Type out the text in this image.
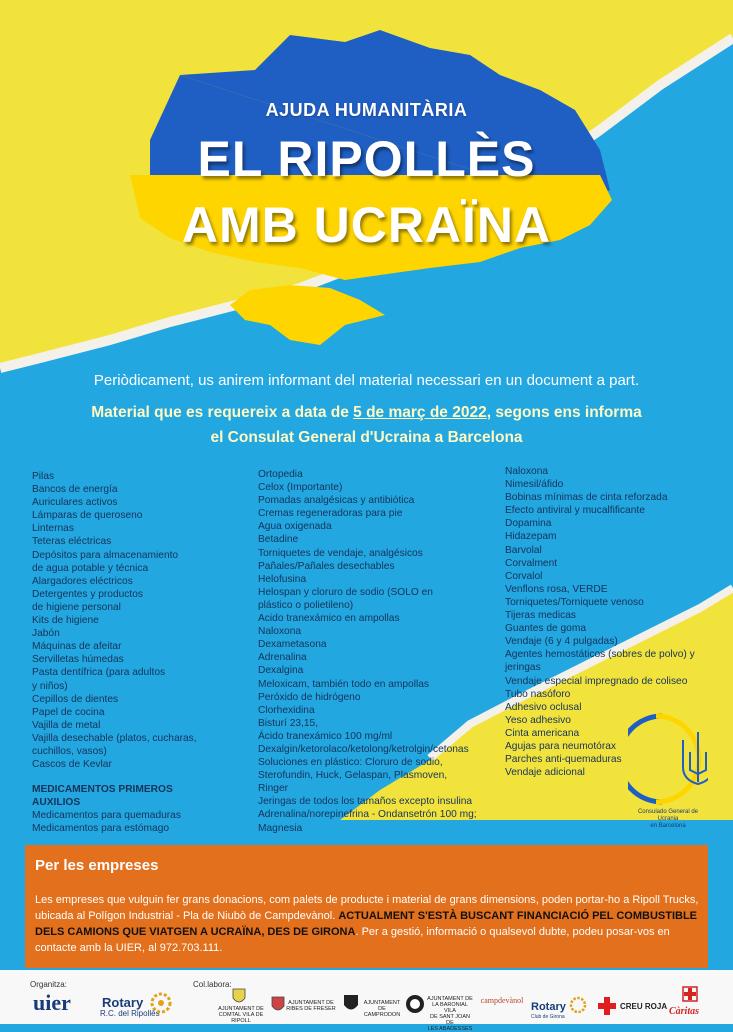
AJUDA HUMANITÀRIA
EL RIPOLLÈS
AMB UCRAÏNA
Periòdicament, us anirem informant del material necessari en un document a part.
Material que es requereix a data de 5 de març de 2022, segons ens informa
el Consulat General d'Ucraina a Barcelona
Pilas
Bancos de energía
Auriculares activos
Lámparas de queroseno
Linternas
Teteras eléctricas
Depósitos para almacenamiento
de agua potable y técnica
Alargadores eléctricos
Detergentes y productos
de higiene personal
Kits de higiene
Jabón
Máquinas de afeitar
Servilletas húmedas
Pasta dentífrica (para adultos
y niños)
Cepillos de dientes
Papel de cocina
Vajilla de metal
Vajilla desechable (platos, cucharas,
cuchillos, vasos)
Cascos de Kevlar
MEDICAMENTOS PRIMEROS AUXILIOS
Medicamentos para quemaduras
Medicamentos para estómago
Ortopedia
Celox (Importante)
Pomadas analgésicas y antibiótica
Cremas regeneradoras para pie
Agua oxigenada
Betadine
Torniquetes de vendaje, analgésicos
Pañales/Pañales desechables
Helofusina
Helospan y cloruro de sodio (SOLO en
plástico o polietileno)
Acido tranexámico en ampollas
Naloxona
Dexametasona
Adrenalina
Dexalgina
Meloxicam, también todo en ampollas
Peróxido de hidrógeno
Clorhexidina
Bisturí 23,15,
Ácido tranexámico 100 mg/ml
Dexalgin/ketorolaco/ketolong/ketrolgin/cetonas
Soluciones en plástico: Cloruro de sodio,
Sterofundin, Huck, Gelaspan, Plasmoven, Ringer
Jeringas de todos los tamaños excepto insulina
Adrenalina/norepinefrina - Ondansetrón 100 mg;
Magnesia
Naloxona
Nimesil/áfido
Bobinas mínimas de cinta reforzada
Efecto antiviral y mucalfificante
Dopamina
Hidazepam
Barvolal
Corvalment
Corvalol
Venflons rosa, VERDE
Torniquetes/Torniquete venoso
Tijeras medicas
Guantes de goma
Vendaje (6 y 4 pulgadas)
Agentes hemostáticos (sobres de polvo) y
jeringas
Vendaje especial impregnado de coliseo
Tubo nasóforo
Adhesivo oclusal
Yeso adhesivo
Cinta americana
Agujas para neumotórax
Parches anti-quemaduras
Vendaje adicional
Consulado General de Ucrania
en Barcelona
Per les empreses
Les empreses que vulguin fer grans donacions, com palets de producte i material de grans dimensions, poden portar-ho a Ripoll Trucks, ubicada al Polígon Industrial - Pla de Niubò de Campdevànol. ACTUALMENT S'ESTÀ BUSCANT FINANCIACIÓ PEL COMBUSTIBLE DELS CAMIONS QUE VIATGEN A UCRAÏNA, DES DE GIRONA. Per a gestió, informació o qualsevol dubte, podeu posar-vos en contacte amb la UIER, al 972.703.111.
Organitza:	Col.labora:
uier Rotary
R.C. del Ripollès	AJUNTAMENT DE
COMTAL VILA DE RIPOLL
AJUNTAMENT DE
RIBES DE FRESER
AJUNTAMENT DE
CAMPRODON
AJUNTAMENT DE
LA BARONIAL VILA
DE SANT JOAN DE
LES ABADESSES
campdevànol
Rotary
Club de Girona
CREU ROJA Càritas
